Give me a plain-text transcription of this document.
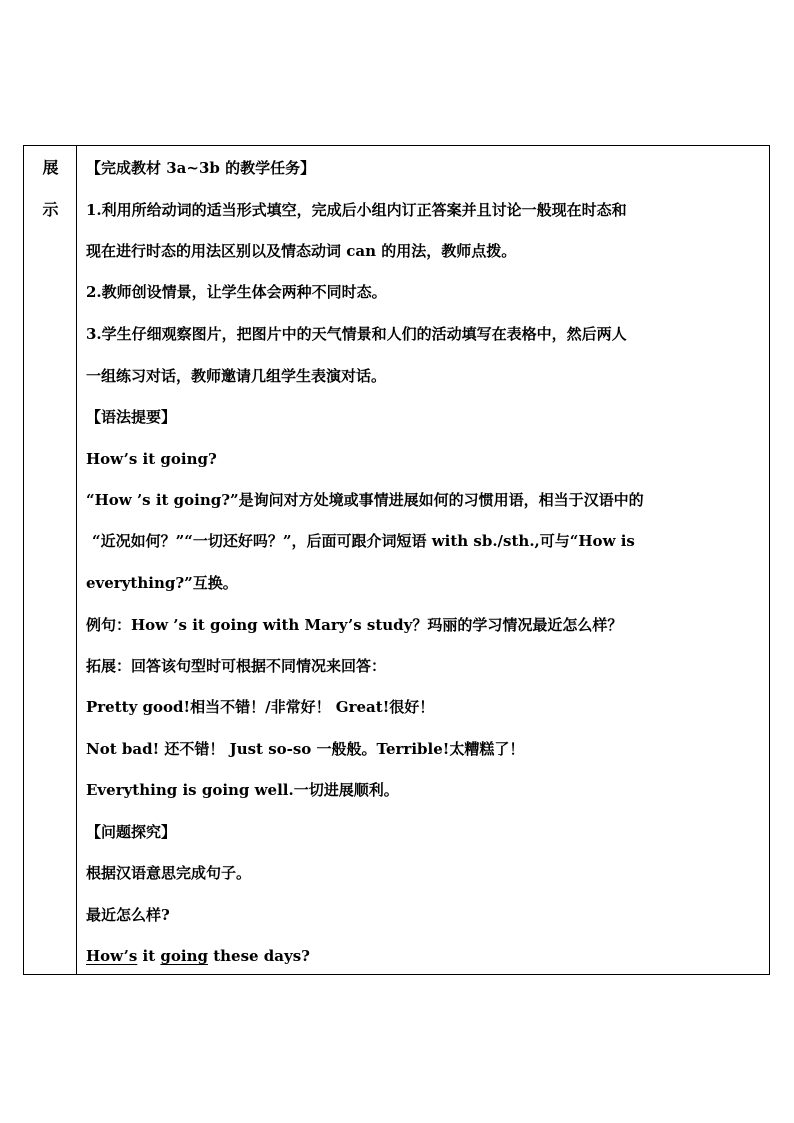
展
示
【完成教材 3a~3b 的教学任务】
1.利用所给动词的适当形式填空，完成后小组内订正答案并且讨论一般现在时态和
现在进行时态的用法区别以及情态动词 can 的用法，教师点拨。
2.教师创设情景，让学生体会两种不同时态。
3.学生仔细观察图片，把图片中的天气情景和人们的活动填写在表格中，然后两人
一组练习对话，教师邀请几组学生表演对话。
【语法提要】
How’s it going?
“How ’s it going?”是询问对方处境或事情进展如何的习惯用语，相当于汉语中的
“近况如何？”“一切还好吗？”，后面可跟介词短语 with sb./sth.,可与“How is
everything?”互换。
例句：How ’s it going with Mary’s study？玛丽的学习情况最近怎么样？
拓展：回答该句型时可根据不同情况来回答：
Pretty good!相当不错！/非常好！ Great!很好！
Not bad! 还不错！ Just so-so 一般般。Terrible!太糟糕了！
Everything is going well.一切进展顺利。
【问题探究】
根据汉语意思完成句子。
最近怎么样?
How’s it going these days?
